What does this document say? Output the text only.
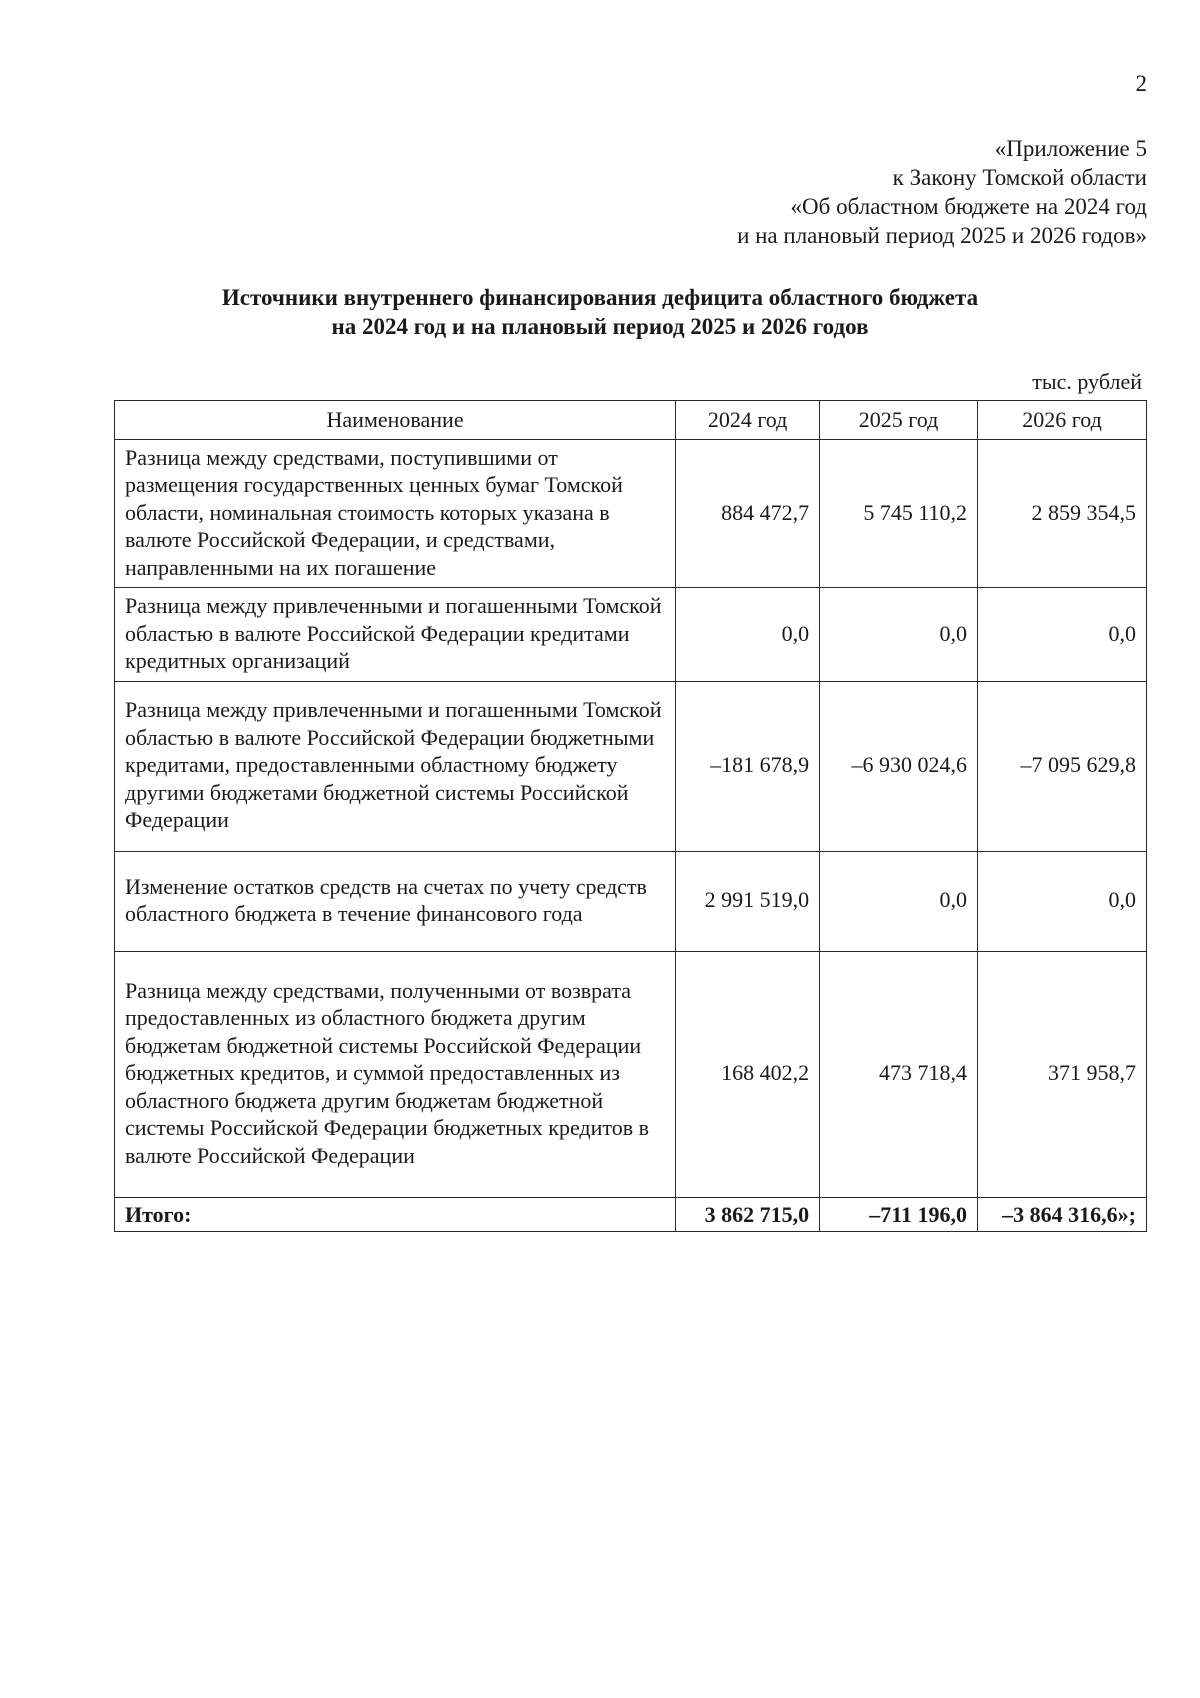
2
«Приложение 5
к Закону Томской области
«Об областном бюджете на 2024 год
и на плановый период 2025 и 2026 годов»
Источники внутреннего финансирования дефицита областного бюджета
на 2024 год и на плановый период 2025 и 2026 годов
тыс. рублей
Наименование	2024 год	2025 год	2026 год
Разница между средствами, поступившими от размещения государственных ценных бумаг Томской области, номинальная стоимость которых указана в валюте Российской Федерации, и средствами, направленными на их погашение	884 472,7	5 745 110,2	2 859 354,5
Разница между привлеченными и погашенными Томской областью в валюте Российской Федерации кредитами кредитных организаций	0,0	0,0	0,0
Разница между привлеченными и погашенными Томской областью в валюте Российской Федерации бюджетными кредитами, предоставленными областному бюджету другими бюджетами бюджетной системы Российской Федерации	–181 678,9	–6 930 024,6	–7 095 629,8
Изменение остатков средств на счетах по учету средств областного бюджета в течение финансового года	2 991 519,0	0,0	0,0
Разница между средствами, полученными от возврата предоставленных из областного бюджета другим бюджетам бюджетной системы Российской Федерации бюджетных кредитов, и суммой предоставленных из областного бюджета другим бюджетам бюджетной системы Российской Федерации бюджетных кредитов в валюте Российской Федерации	168 402,2	473 718,4	371 958,7
Итого:	3 862 715,0	–711 196,0	–3 864 316,6»;
